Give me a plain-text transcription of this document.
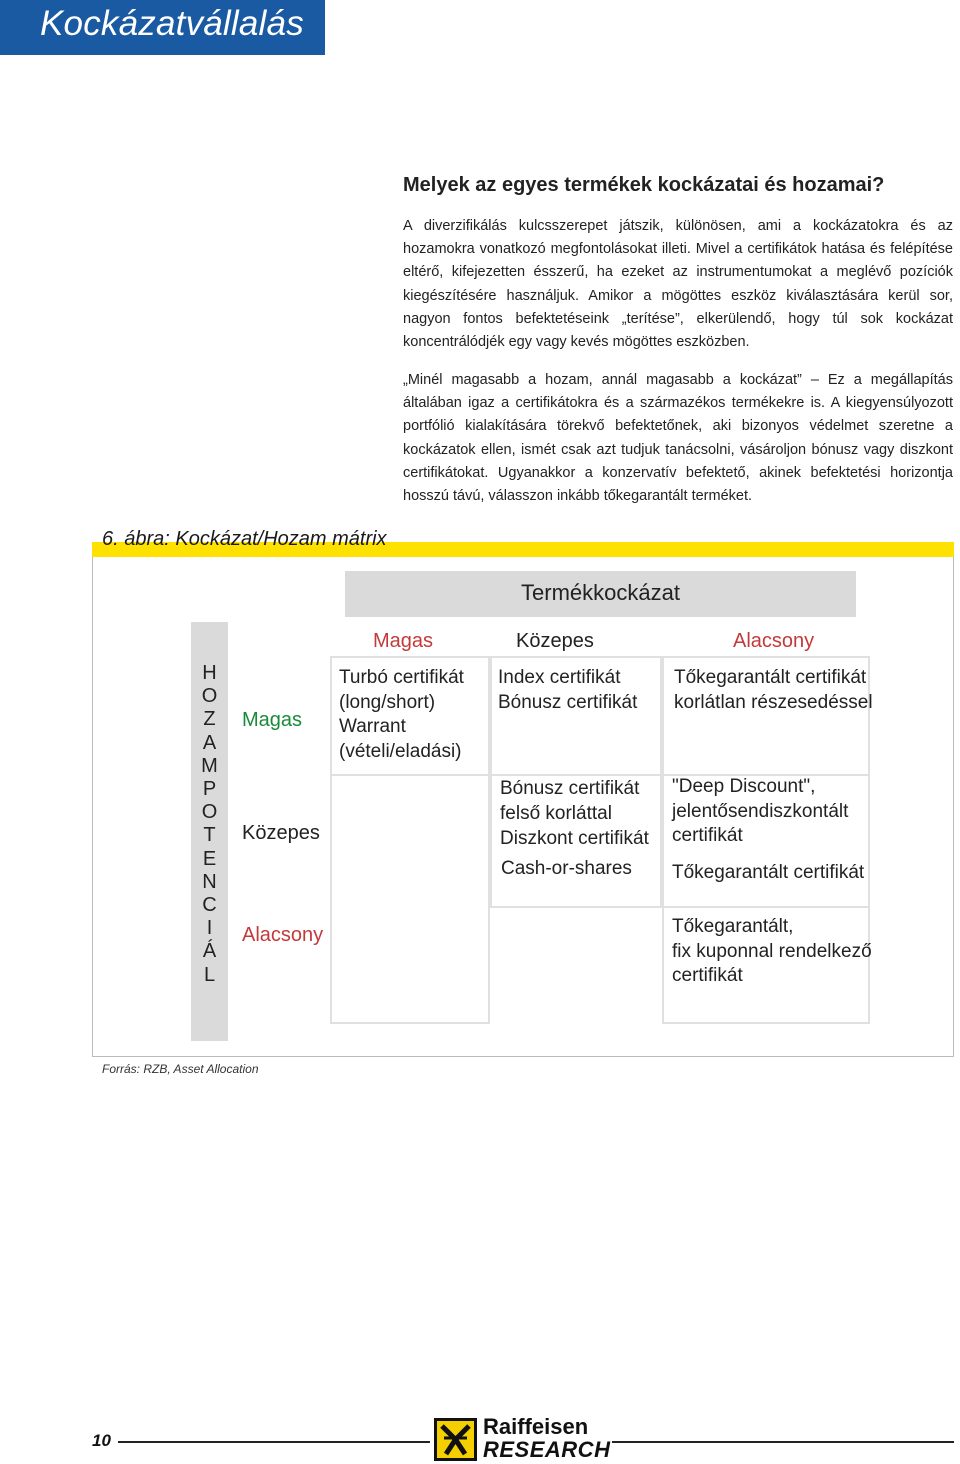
Kockázatvállalás
Melyek az egyes termékek kockázatai és hozamai?

A diverzifikálás kulcsszerepet játszik, különösen, ami a kockázatokra és az hozamokra vonatkozó megfontolásokat illeti. Mivel a certifikátok hatása és felépítése eltérő, kifejezetten ésszerű, ha ezeket az instrumentumokat a meglévő pozíciók kiegészítésére használjuk. Amikor a mögöttes eszköz kiválasztására kerül sor, nagyon fontos befektetéseink „terítése”, elkerülendő, hogy túl sok kockázat koncentrálódjék egy vagy kevés mögöttes eszközben.

„Minél magasabb a hozam, annál magasabb a kockázat” – Ez a megállapítás általában igaz a certifikátokra és a származékos termékekre is. A kiegyensúlyozott portfólió kialakítására törekvő befektetőnek, aki bizonyos védelmet szeretne a kockázatok ellen, ismét csak azt tudjuk tanácsolni, vásároljon bónusz vagy diszkont certifikátokat. Ugyanakkor a konzervatív befektető, akinek befektetési horizontja hosszú távú, válasszon inkább tőkegarantált terméket.

6. ábra: Kockázat/Hozam mátrix
Termékkockázat
Magas	Közepes	Alacsony
H
O
Z
A
M
P
O
T
E
N
C
I
Á
L
Magas
Közepes
Alacsony
Turbó certifikát
(long/short)
Warrant
(vételi/eladási)
Index certifikát
Bónusz certifikát
Tőkegarantált certifikát
korlátlan részesedéssel
Bónusz certifikát
felső korláttal
Diszkont certifikát
Cash-or-shares
"Deep Discount",
jelentősendiszkontált
certifikát
Tőkegarantált certifikát
Tőkegarantált,
fix kuponnal rendelkező
certifikát
Forrás: RZB, Asset Allocation
10
Raiffeisen
RESEARCH
